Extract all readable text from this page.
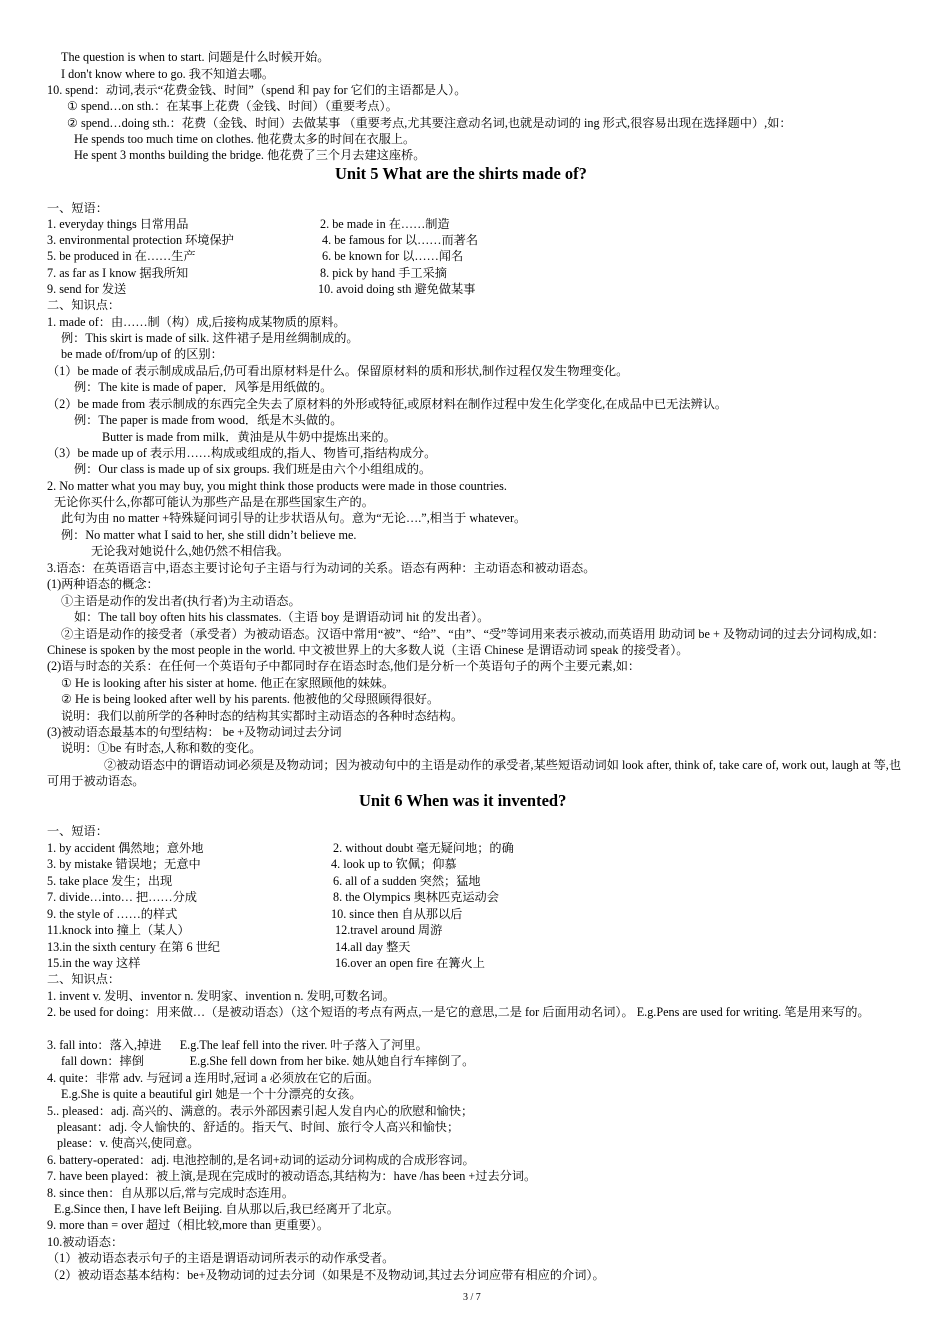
The question is when to start. 问题是什么时候开始。
I don't know where to go. 我不知道去哪。
10. spend：动词,表示“花费金钱、时间”（spend 和 pay for 它们的主语都是人）。
① spend…on sth.：在某事上花费（金钱、时间）（重要考点）。
② spend…doing sth.：花费（金钱、时间）去做某事 （重要考点,尤其要注意动名词,也就是动词的 ing 形式,很容易出现在选择题中）,如：
He spends too much time on clothes. 他花费太多的时间在衣服上。
He spent 3 months building the bridge. 他花费了三个月去建这座桥。
Unit 5 What are the shirts made of?
一、短语：
1. everyday things 日常用品	2. be made in 在……制造
3. environmental protection 环境保护	4. be famous for 以……而著名
5. be produced in 在……生产	6. be known for 以……闻名
7. as far as I know 据我所知	8. pick by hand 手工采摘
9. send for 发送	10. avoid doing sth 避免做某事
二、知识点：
1. made of：由……制（构）成,后接构成某物质的原料。
例：This skirt is made of silk. 这件裙子是用丝绸制成的。
be made of/from/up of 的区别：
（1）be made of 表示制成成品后,仍可看出原材料是什么。保留原材料的质和形状,制作过程仅发生物理变化。
例：The kite is made of paper．风筝是用纸做的。
（2）be made from 表示制成的东西完全失去了原材料的外形或特征,或原材料在制作过程中发生化学变化,在成品中已无法辨认。
例：The paper is made from wood．纸是木头做的。
Butter is made from milk．黄油是从牛奶中提炼出来的。
（3）be made up of 表示用……构成或组成的,指人、物皆可,指结构成分。
例：Our class is made up of six groups. 我们班是由六个小组组成的。
2. No matter what you may buy, you might think those products were made in those countries.
无论你买什么,你都可能认为那些产品是在那些国家生产的。
此句为由 no matter +特殊疑问词引导的让步状语从句。意为“无论….”,相当于 whatever。
例：No matter what I said to her, she still didn’t believe me.
无论我对她说什么,她仍然不相信我。
3.语态：在英语语言中,语态主要讨论句子主语与行为动词的关系。语态有两种：主动语态和被动语态。
(1)两种语态的概念：
①主语是动作的发出者(执行者)为主动语态。
如：The tall boy often hits his classmates.（主语 boy 是谓语动词 hit 的发出者）。
②主语是动作的接受者（承受者）为被动语态。汉语中常用“被”、“给”、“由”、“受”等词用来表示被动,而英语用 助动词 be + 及物动词的过去分词构成,如：Chinese is spoken by the most people in the world. 中文被世界上的大多数人说（主语 Chinese 是谓语动词 speak 的接受者）。
(2)语与时态的关系：在任何一个英语句子中都同时存在语态时态,他们是分析一个英语句子的两个主要元素,如：
① He is looking after his sister at home. 他正在家照顾他的妹妹。
② He is being looked after well by his parents. 他被他的父母照顾得很好。
说明：我们以前所学的各种时态的结构其实都时主动语态的各种时态结构。
(3)被动语态最基本的句型结构： be +及物动词过去分词
说明：①be 有时态,人称和数的变化。
②被动语态中的谓语动词必须是及物动词；因为被动句中的主语是动作的承受者,某些短语动词如 look after, think of, take care of, work out, laugh at 等,也可用于被动语态。
Unit 6 When was it invented?
一、短语：
1. by accident 偶然地；意外地	2. without doubt 毫无疑问地；的确
3. by mistake 错误地；无意中	4. look up to 钦佩；仰慕
5. take place 发生；出现	6. all of a sudden 突然；猛地
7. divide…into… 把……分成	8. the Olympics 奥林匹克运动会
9. the style of ……的样式	10. since then 自从那以后
11.knock into 撞上（某人）	12.travel around 周游
13.in the sixth century 在第 6 世纪	14.all day 整天
15.in the way 这样	16.over an open fire 在篝火上
二、知识点：
1. invent v. 发明、inventor n. 发明家、invention n. 发明,可数名词。
2. be used for doing：用来做…（是被动语态）（这个短语的考点有两点,一是它的意思,二是 for 后面用动名词）。 E.g.Pens are used for writing. 笔是用来写的。
3. fall into：落入,掉进      E.g.The leaf fell into the river. 叶子落入了河里。
fall down：摔倒               E.g.She fell down from her bike. 她从她自行车摔倒了。
4. quite：非常 adv. 与冠词 a 连用时,冠词 a 必须放在它的后面。
E.g.She is quite a beautiful girl 她是一个十分漂亮的女孩。
5.. pleased：adj. 高兴的、满意的。表示外部因素引起人发自内心的欣慰和愉快；
pleasant：adj. 令人愉快的、舒适的。指天气、时间、旅行令人高兴和愉快；
please：v. 使高兴,使同意。
6. battery-operated：adj. 电池控制的,是名词+动词的运动分词构成的合成形容词。
7. have been played：被上演,是现在完成时的被动语态,其结构为：have /has been +过去分词。
8. since then：自从那以后,常与完成时态连用。
E.g.Since then, I have left Beijing. 自从那以后,我已经离开了北京。
9. more than = over 超过（相比较,more than 更重要）。
10.被动语态：
（1）被动语态表示句子的主语是谓语动词所表示的动作承受者。
（2）被动语态基本结构：be+及物动词的过去分词（如果是不及物动词,其过去分词应带有相应的介词）。
3 / 7
